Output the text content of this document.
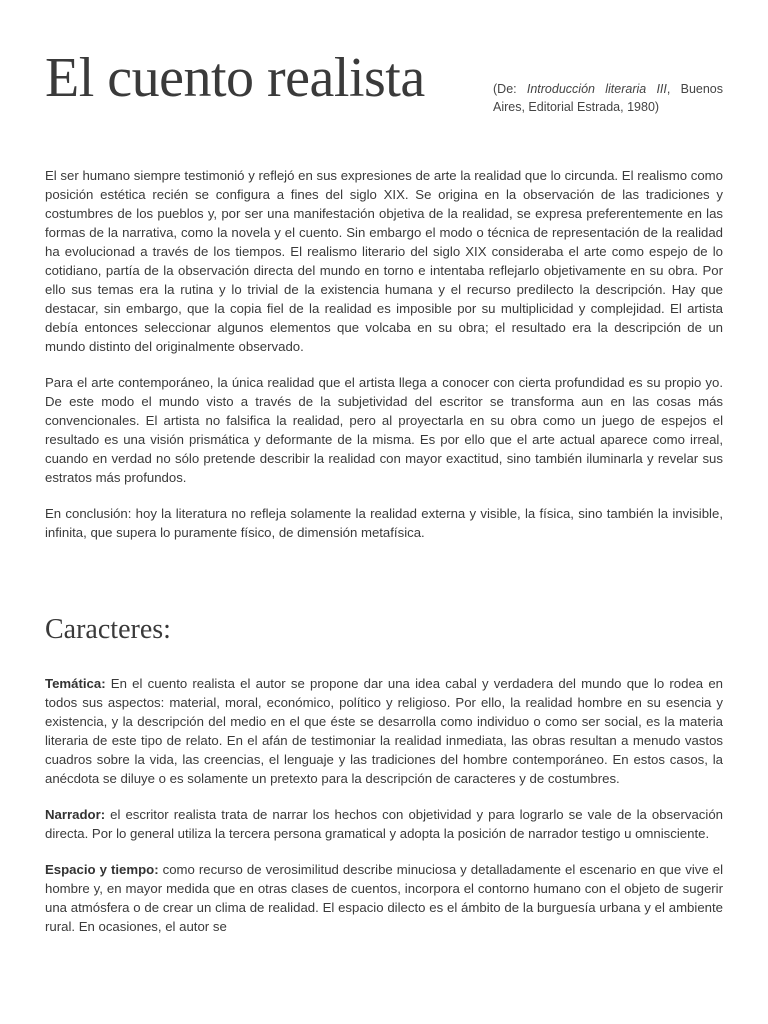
El cuento realista	(De: Introducción literaria III, Buenos Aires, Editorial Estrada, 1980)

El ser humano siempre testimonió y reflejó en sus expresiones de arte la realidad que lo circunda. El realismo como posición estética recién se configura a fines del siglo XIX. Se origina en la observación de las tradiciones y costumbres de los pueblos y, por ser una manifestación objetiva de la realidad, se expresa preferentemente en las formas de la narrativa, como la novela y el cuento. Sin embargo el modo o técnica de representación de la realidad ha evolucionad a través de los tiempos. El realismo literario del siglo XIX consideraba el arte como espejo de lo cotidiano, partía de la observación directa del mundo en torno e intentaba reflejarlo objetivamente en su obra. Por ello sus temas era la rutina y lo trivial de la existencia humana y el recurso predilecto la descripción. Hay que destacar, sin embargo, que la copia fiel de la realidad es imposible por su multiplicidad y complejidad. El artista debía entonces seleccionar algunos elementos que volcaba en su obra; el resultado era la descripción de un mundo distinto del originalmente observado.

Para el arte contemporáneo, la única realidad que el artista llega a conocer con cierta profundidad es su propio yo. De este modo el mundo visto a través de la subjetividad del escritor se transforma aun en las cosas más convencionales. El artista no falsifica la realidad, pero al proyectarla en su obra como un juego de espejos el resultado es una visión prismática y deformante de la misma. Es por ello que el arte actual aparece como irreal, cuando en verdad no sólo pretende describir la realidad con mayor exactitud, sino también iluminarla y revelar sus estratos más profundos.

En conclusión: hoy la literatura no refleja solamente la realidad externa y visible, la física, sino también la invisible, infinita, que supera lo puramente físico, de dimensión metafísica.

Caracteres:

Temática: En el cuento realista el autor se propone dar una idea cabal y verdadera del mundo que lo rodea en todos sus aspectos: material, moral, económico, político y religioso. Por ello, la realidad hombre en su esencia y existencia, y la descripción del medio en el que éste se desarrolla como individuo o como ser social, es la materia literaria de este tipo de relato. En el afán de testimoniar la realidad inmediata, las obras resultan a menudo vastos cuadros sobre la vida, las creencias, el lenguaje y las tradiciones del hombre contemporáneo. En estos casos, la anécdota se diluye o es solamente un pretexto para la descripción de caracteres y de costumbres.

Narrador: el escritor realista trata de narrar los hechos con objetividad y para lograrlo se vale de la observación directa. Por lo general utiliza la tercera persona gramatical y adopta la posición de narrador testigo u omnisciente.

Espacio y tiempo: como recurso de verosimilitud describe minuciosa y detalladamente el escenario en que vive el hombre y, en mayor medida que en otras clases de cuentos, incorpora el contorno humano con el objeto de sugerir una atmósfera o de crear un clima de realidad. El espacio dilecto es el ámbito de la burguesía urbana y el ambiente rural. En ocasiones, el autor se
